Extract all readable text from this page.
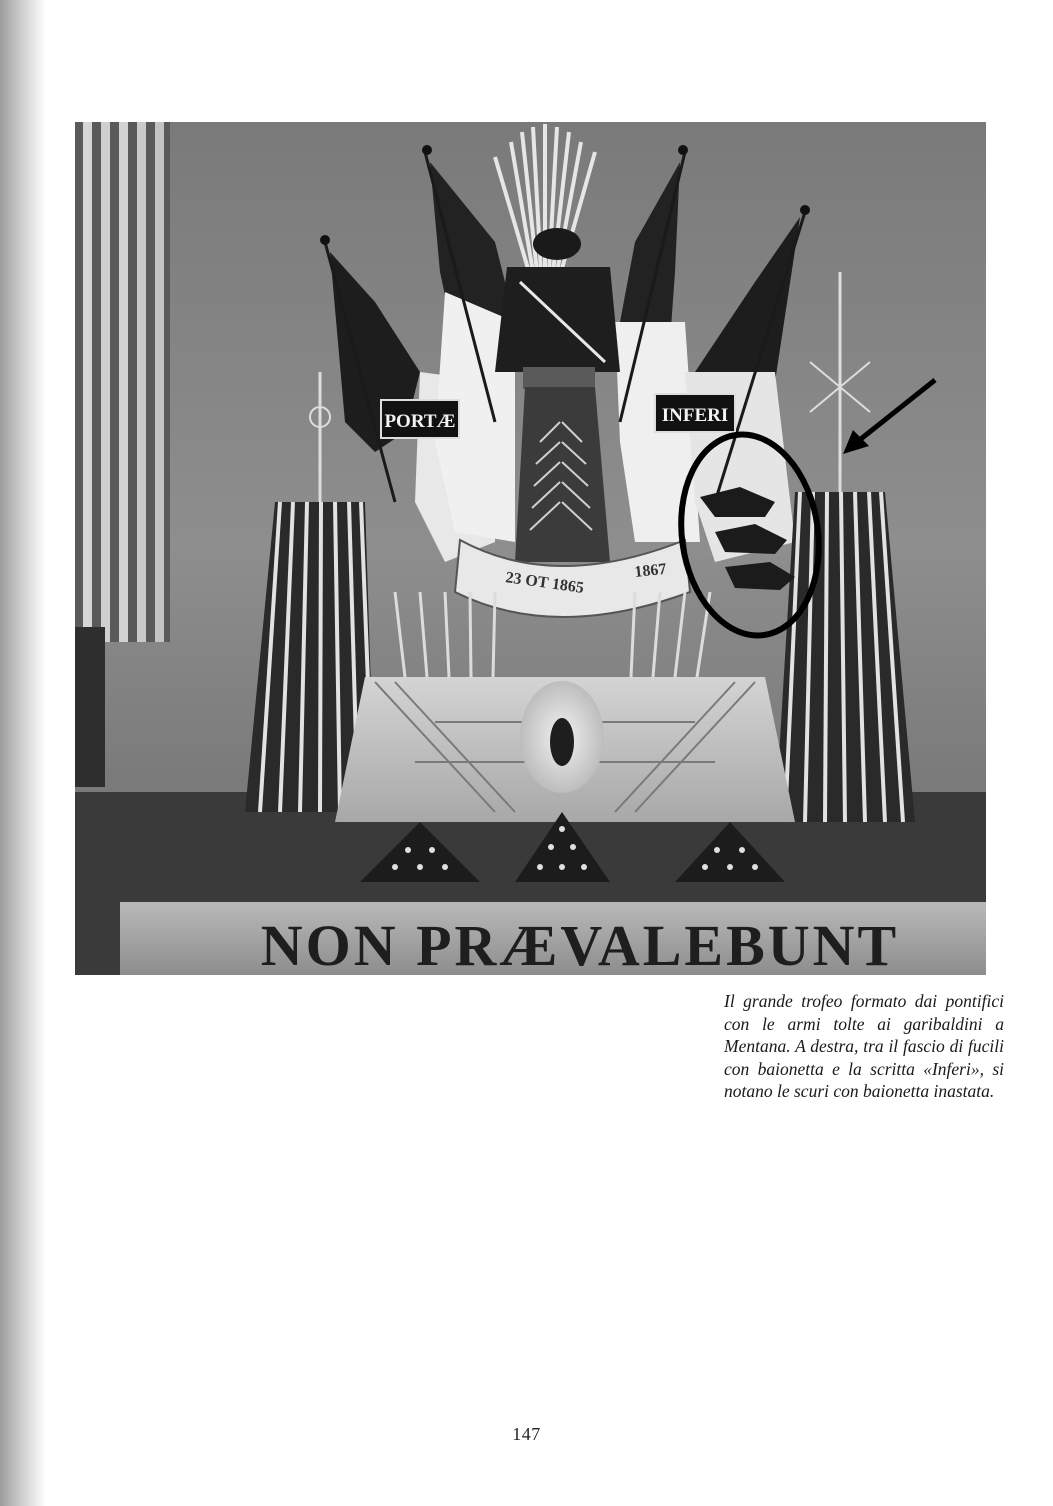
PORTÆ	INFERI
23 OT 1865	1867
NON PRÆVALEBUNT

Il grande trofeo formato dai pontifici con le armi tolte ai garibaldini a Mentana. A destra, tra il fascio di fucili con baionetta e la scritta «Inferi», si notano le scuri con baionetta inastata.

147
